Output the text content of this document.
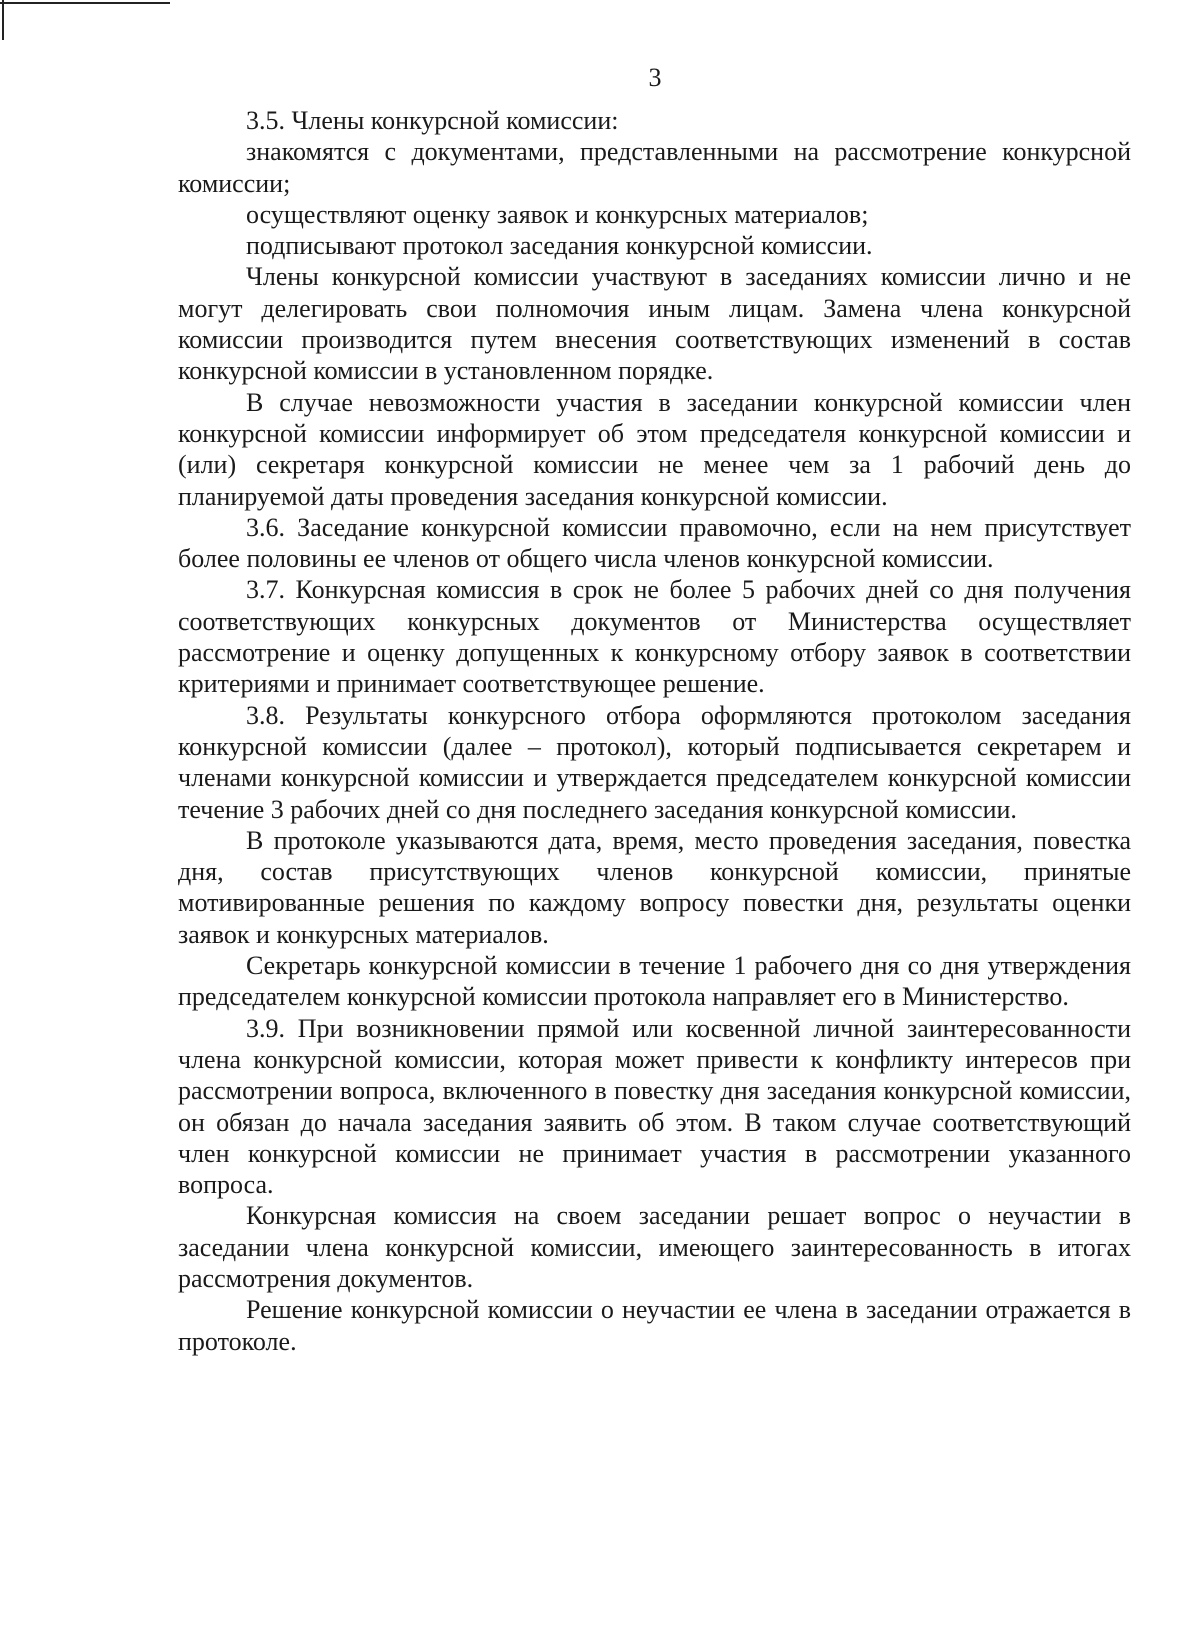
3

3.5. Члены конкурсной комиссии:

знакомятся с документами, представленными на рассмотрение конкурсной комиссии;

осуществляют оценку заявок и конкурсных материалов;

подписывают протокол заседания конкурсной комиссии.

Члены конкурсной комиссии участвуют в заседаниях комиссии лично и не могут делегировать свои полномочия иным лицам. Замена члена конкурсной комиссии производится путем внесения соответствующих изменений в состав конкурсной комиссии в установленном порядке.

В случае невозможности участия в заседании конкурсной комиссии член конкурсной комиссии информирует об этом председателя конкурсной комиссии и (или) секретаря конкурсной комиссии не менее чем за 1 рабочий день до планируемой даты проведения заседания конкурсной комиссии.

3.6. Заседание конкурсной комиссии правомочно, если на нем присутствует более половины ее членов от общего числа членов конкурсной комиссии.

3.7. Конкурсная комиссия в срок не более 5 рабочих дней со дня получения соответствующих конкурсных документов от Министерства осуществляет рассмотрение и оценку допущенных к конкурсному отбору заявок в соответствии критериями и принимает соответствующее решение.

3.8. Результаты конкурсного отбора оформляются протоколом заседания конкурсной комиссии (далее – протокол), который подписывается секретарем и членами конкурсной комиссии и утверждается председателем конкурсной комиссии течение 3 рабочих дней со дня последнего заседания конкурсной комиссии.

В протоколе указываются дата, время, место проведения заседания, повестка дня, состав присутствующих членов конкурсной комиссии, принятые мотивированные решения по каждому вопросу повестки дня, результаты оценки заявок и конкурсных материалов.

Секретарь конкурсной комиссии в течение 1 рабочего дня со дня утверждения председателем конкурсной комиссии протокола направляет его в Министерство.

3.9. При возникновении прямой или косвенной личной заинтересованности члена конкурсной комиссии, которая может привести к конфликту интересов при рассмотрении вопроса, включенного в повестку дня заседания конкурсной комиссии, он обязан до начала заседания заявить об этом. В таком случае соответствующий член конкурсной комиссии не принимает участия в рассмотрении указанного вопроса.

Конкурсная комиссия на своем заседании решает вопрос о неучастии в заседании члена конкурсной комиссии, имеющего заинтересованность в итогах рассмотрения документов.

Решение конкурсной комиссии о неучастии ее члена в заседании отражается в протоколе.
